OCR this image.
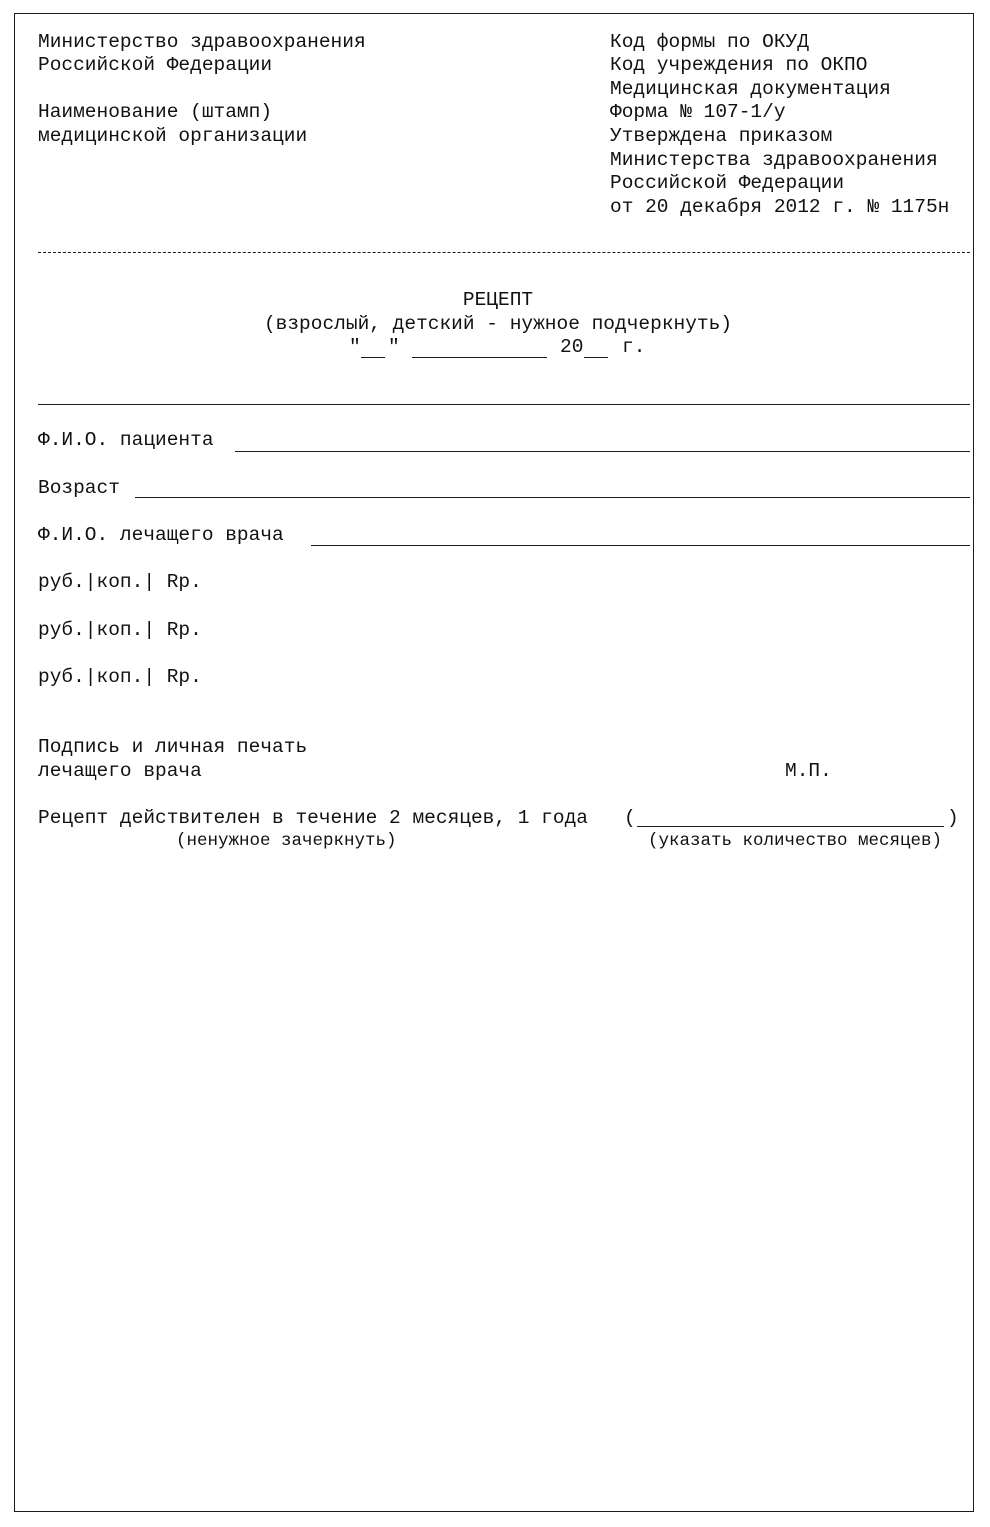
Министерство здравоохранения
Российской Федерации
Наименование (штамп)
медицинской организации
Код формы по ОКУД
Код учреждения по ОКПО
Медицинская документация
Форма № 107-1/у
Утверждена приказом
Министерства здравоохранения
Российской Федерации
от 20 декабря 2012 г. № 1175н
РЕЦЕПТ
(взрослый, детский - нужное подчеркнуть)
" "	20 г.
Ф.И.О. пациента
Возраст
Ф.И.О. лечащего врача
руб.|коп.| Rp.
руб.|коп.| Rp.
руб.|коп.| Rp.
Подпись и личная печать
лечащего врача	М.П.
Рецепт действителен в течение 2 месяцев, 1 года (	)
(ненужное зачеркнуть)	(указать количество месяцев)
